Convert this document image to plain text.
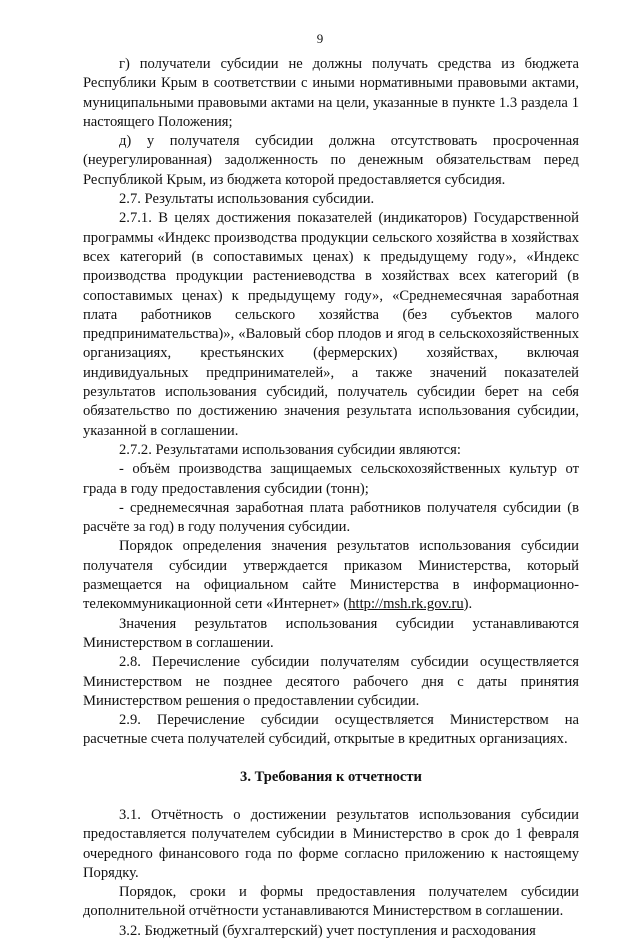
9

г) получатели субсидии не должны получать средства из бюджета Республики Крым в соответствии с иными нормативными правовыми актами, муниципальными правовыми актами на цели, указанные в пункте 1.3 раздела 1 настоящего Положения;

д) у получателя субсидии должна отсутствовать просроченная (неурегулированная) задолженность по денежным обязательствам перед Республикой Крым, из бюджета которой предоставляется субсидия.

2.7. Результаты использования субсидии.

2.7.1. В целях достижения показателей (индикаторов) Государственной программы «Индекс производства продукции сельского хозяйства в хозяйствах всех категорий (в сопоставимых ценах) к предыдущему году», «Индекс производства продукции растениеводства в хозяйствах всех категорий (в сопоставимых ценах) к предыдущему году», «Среднемесячная заработная плата работников сельского хозяйства (без субъектов малого предпринимательства)», «Валовый сбор плодов и ягод в сельскохозяйственных организациях, крестьянских (фермерских) хозяйствах, включая индивидуальных предпринимателей», а также значений показателей результатов использования субсидий, получатель субсидии берет на себя обязательство по достижению значения результата использования субсидии, указанной в соглашении.

2.7.2. Результатами использования субсидии являются:

- объём производства защищаемых сельскохозяйственных культур от града в году предоставления субсидии (тонн);

- среднемесячная заработная плата работников получателя субсидии (в расчёте за год) в году получения субсидии.

Порядок определения значения результатов использования субсидии получателя субсидии утверждается приказом Министерства, который размещается на официальном сайте Министерства в информационно-телекоммуникационной сети «Интернет» (http://msh.rk.gov.ru).

Значения результатов использования субсидии устанавливаются Министерством в соглашении.

2.8. Перечисление субсидии получателям субсидии осуществляется Министерством не позднее десятого рабочего дня с даты принятия Министерством решения о предоставлении субсидии.

2.9. Перечисление субсидии осуществляется Министерством на расчетные счета получателей субсидий, открытые в кредитных организациях.

3. Требования к отчетности

3.1. Отчётность о достижении результатов использования субсидии предоставляется получателем субсидии в Министерство в срок до 1 февраля очередного финансового года по форме согласно приложению к настоящему Порядку.

Порядок, сроки и формы предоставления получателем субсидии дополнительной отчётности устанавливаются Министерством в соглашении.

3.2. Бюджетный (бухгалтерский) учет поступления и расходования
